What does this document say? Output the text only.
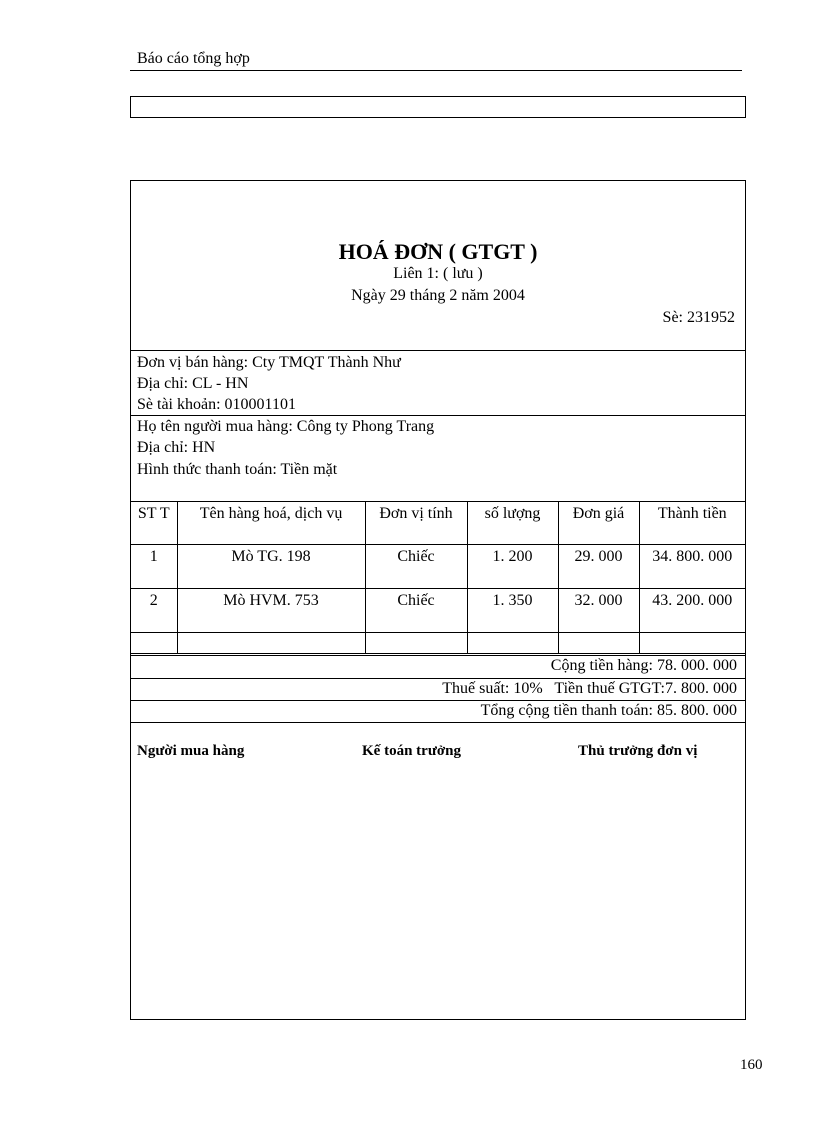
Báo cáo tổng hợp
HOÁ ĐƠN ( GTGT )
Liên 1: ( lưu )
Ngày 29 tháng 2 năm 2004
Sè: 231952
Đơn vị bán hàng: Cty TMQT Thành Như
Địa chỉ: CL - HN
Sè tài khoản: 010001101
Họ tên người mua hàng: Công ty Phong Trang
Địa chỉ: HN
Hình thức thanh toán: Tiền mặt
ST T	Tên hàng hoá, dịch vụ	Đơn vị tính	số lượng	Đơn giá	Thành tiền
1	Mò TG. 198	Chiếc	1. 200	29. 000	34. 800. 000
2	Mò HVM. 753	Chiếc	1. 350	32. 000	43. 200. 000

Cộng tiền hàng: 78. 000. 000
Thuế suất: 10%   Tiền thuế GTGT:7. 800. 000
Tổng cộng tiền thanh toán: 85. 800. 000
Người mua hàng	Kế toán trưởng	Thủ trưởng đơn vị
160
